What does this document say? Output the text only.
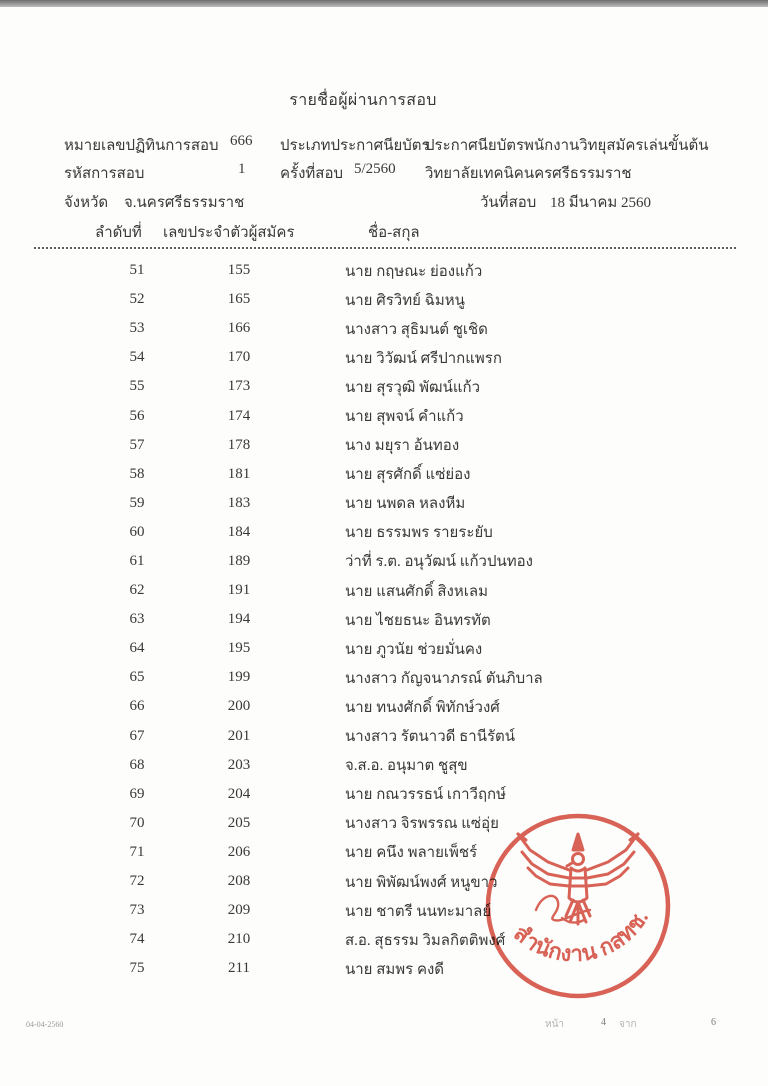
รายชื่อผู้ผ่านการสอบ
หมายเลขปฏิทินการสอบ 666 ประเภทประกาศนียบัตร
ประกาศนียบัตรพนักงานวิทยุสมัครเล่นขั้นต้น
รหัสการสอบ	1 ครั้งที่สอบ 5/2560 วิทยาลัยเทคนิคนครศรีธรรมราช
จังหวัด จ.นครศรีธรรมราช	วันที่สอบ 18 มีนาคม 2560
ลำดับที่ เลขประจำตัวผู้สมัคร	ชื่อ-สกุล
51	155	นาย กฤษณะ ย่องแก้ว
52	165	นาย ศิรวิทย์ ฉิมหนู
53	166	นางสาว สุธิมนต์ ชูเชิด
54	170	นาย วิวัฒน์ ศรีปากแพรก
55	173	นาย สุรวุฒิ พัฒน์แก้ว
56	174	นาย สุพจน์ คำแก้ว
57	178	นาง มยุรา อ้นทอง
58	181	นาย สุรศักดิ์ แซ่ย่อง
59	183	นาย นพดล หลงหีม
60	184	นาย ธรรมพร รายระยับ
61	189	ว่าที่ ร.ต. อนุวัฒน์ แก้วปนทอง
62	191	นาย แสนศักดิ์ สิงหเลม
63	194	นาย ไชยธนะ อินทรทัต
64	195	นาย ภูวนัย ช่วยมั่นคง
65	199	นางสาว กัญจนาภรณ์ ตันภิบาล
66	200	นาย ทนงศักดิ์ พิทักษ์วงศ์
67	201	นางสาว รัตนาวดี ธานีรัตน์
68	203	จ.ส.อ. อนุมาต ชูสุข
69	204	นาย กณวรรธน์ เกาวีฤกษ์
70	205	นางสาว จิรพรรณ แซ่อุ่ย
71	206	นาย คนึง พลายเพ็ชร์
72	208	นาย พิพัฒน์พงศ์ หนูขาว
73	209	นาย ชาตรี นนทะมาลย์
74	210	ส.อ. สุธรรม วิมลกิตติพงศ์
75	211	นาย สมพร คงดี
สำนักงาน กสทช.
04-04-2560	หน้า	4 จาก	6
